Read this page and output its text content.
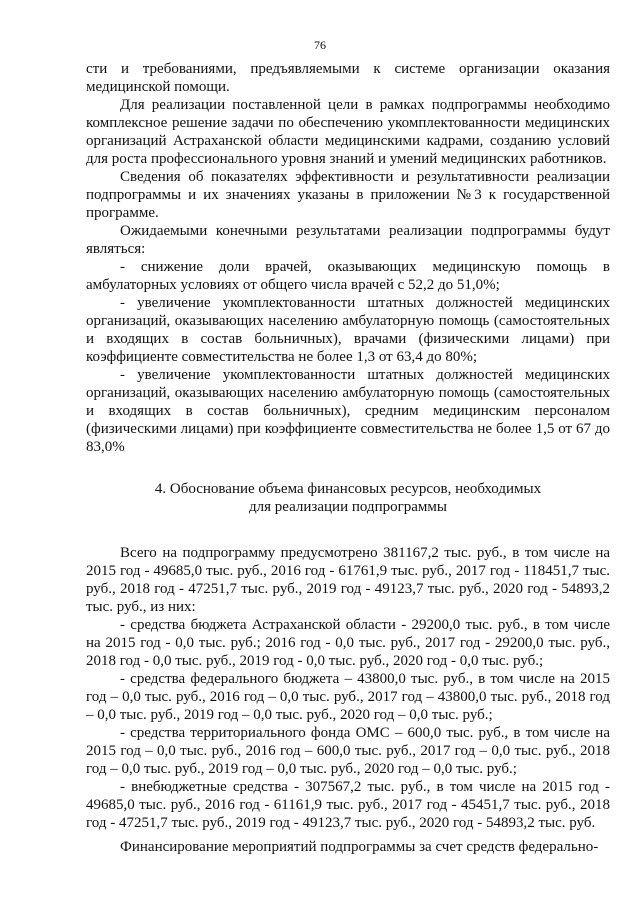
76

сти и требованиями, предъявляемыми к системе организации оказания медицинской помощи.

Для реализации поставленной цели в рамках подпрограммы необходимо комплексное решение задачи по обеспечению укомплектованности медицинских организаций Астраханской области медицинскими кадрами, созданию условий для роста профессионального уровня знаний и умений медицинских работников.

Сведения об показателях эффективности и результативности реализации подпрограммы и их значениях указаны в приложении №3 к государственной программе.

Ожидаемыми конечными результатами реализации подпрограммы будут являться:

- снижение доли врачей, оказывающих медицинскую помощь в амбулаторных условиях от общего числа врачей с 52,2 до 51,0%;

- увеличение укомплектованности штатных должностей медицинских организаций, оказывающих населению амбулаторную помощь (самостоятельных и входящих в состав больничных), врачами (физическими лицами) при коэффициенте совместительства не более 1,3 от 63,4 до 80%;

- увеличение укомплектованности штатных должностей медицинских организаций, оказывающих населению амбулаторную помощь (самостоятельных и входящих в состав больничных), средним медицинским персоналом (физическими лицами) при коэффициенте совместительства не более 1,5 от 67 до 83,0%

4. Обоснование объема финансовых ресурсов, необходимых
для реализации подпрограммы

Всего на подпрограмму предусмотрено 381167,2 тыс. руб., в том числе на 2015 год - 49685,0 тыс. руб., 2016 год - 61761,9 тыс. руб., 2017 год - 118451,7 тыс. руб., 2018 год - 47251,7 тыс. руб., 2019 год - 49123,7 тыс. руб., 2020 год - 54893,2 тыс. руб., из них:

- средства бюджета Астраханской области - 29200,0 тыс. руб., в том числе на 2015 год - 0,0 тыс. руб.; 2016 год - 0,0 тыс. руб., 2017 год - 29200,0 тыс. руб., 2018 год - 0,0 тыс. руб., 2019 год - 0,0 тыс. руб., 2020 год - 0,0 тыс. руб.;

- средства федерального бюджета – 43800,0 тыс. руб., в том числе на 2015 год – 0,0 тыс. руб., 2016 год – 0,0 тыс. руб., 2017 год – 43800,0 тыс. руб., 2018 год – 0,0 тыс. руб., 2019 год – 0,0 тыс. руб., 2020 год – 0,0 тыс. руб.;

- средства территориального фонда ОМС – 600,0 тыс. руб., в том числе на 2015 год – 0,0 тыс. руб., 2016 год – 600,0 тыс. руб., 2017 год – 0,0 тыс. руб., 2018 год – 0,0 тыс. руб., 2019 год – 0,0 тыс. руб., 2020 год – 0,0 тыс. руб.;

- внебюджетные средства - 307567,2 тыс. руб., в том числе на 2015 год - 49685,0 тыс. руб., 2016 год - 61161,9 тыс. руб., 2017 год - 45451,7 тыс. руб., 2018 год - 47251,7 тыс. руб., 2019 год - 49123,7 тыс. руб., 2020 год - 54893,2 тыс. руб.

Финансирование мероприятий подпрограммы за счет средств федерально-
